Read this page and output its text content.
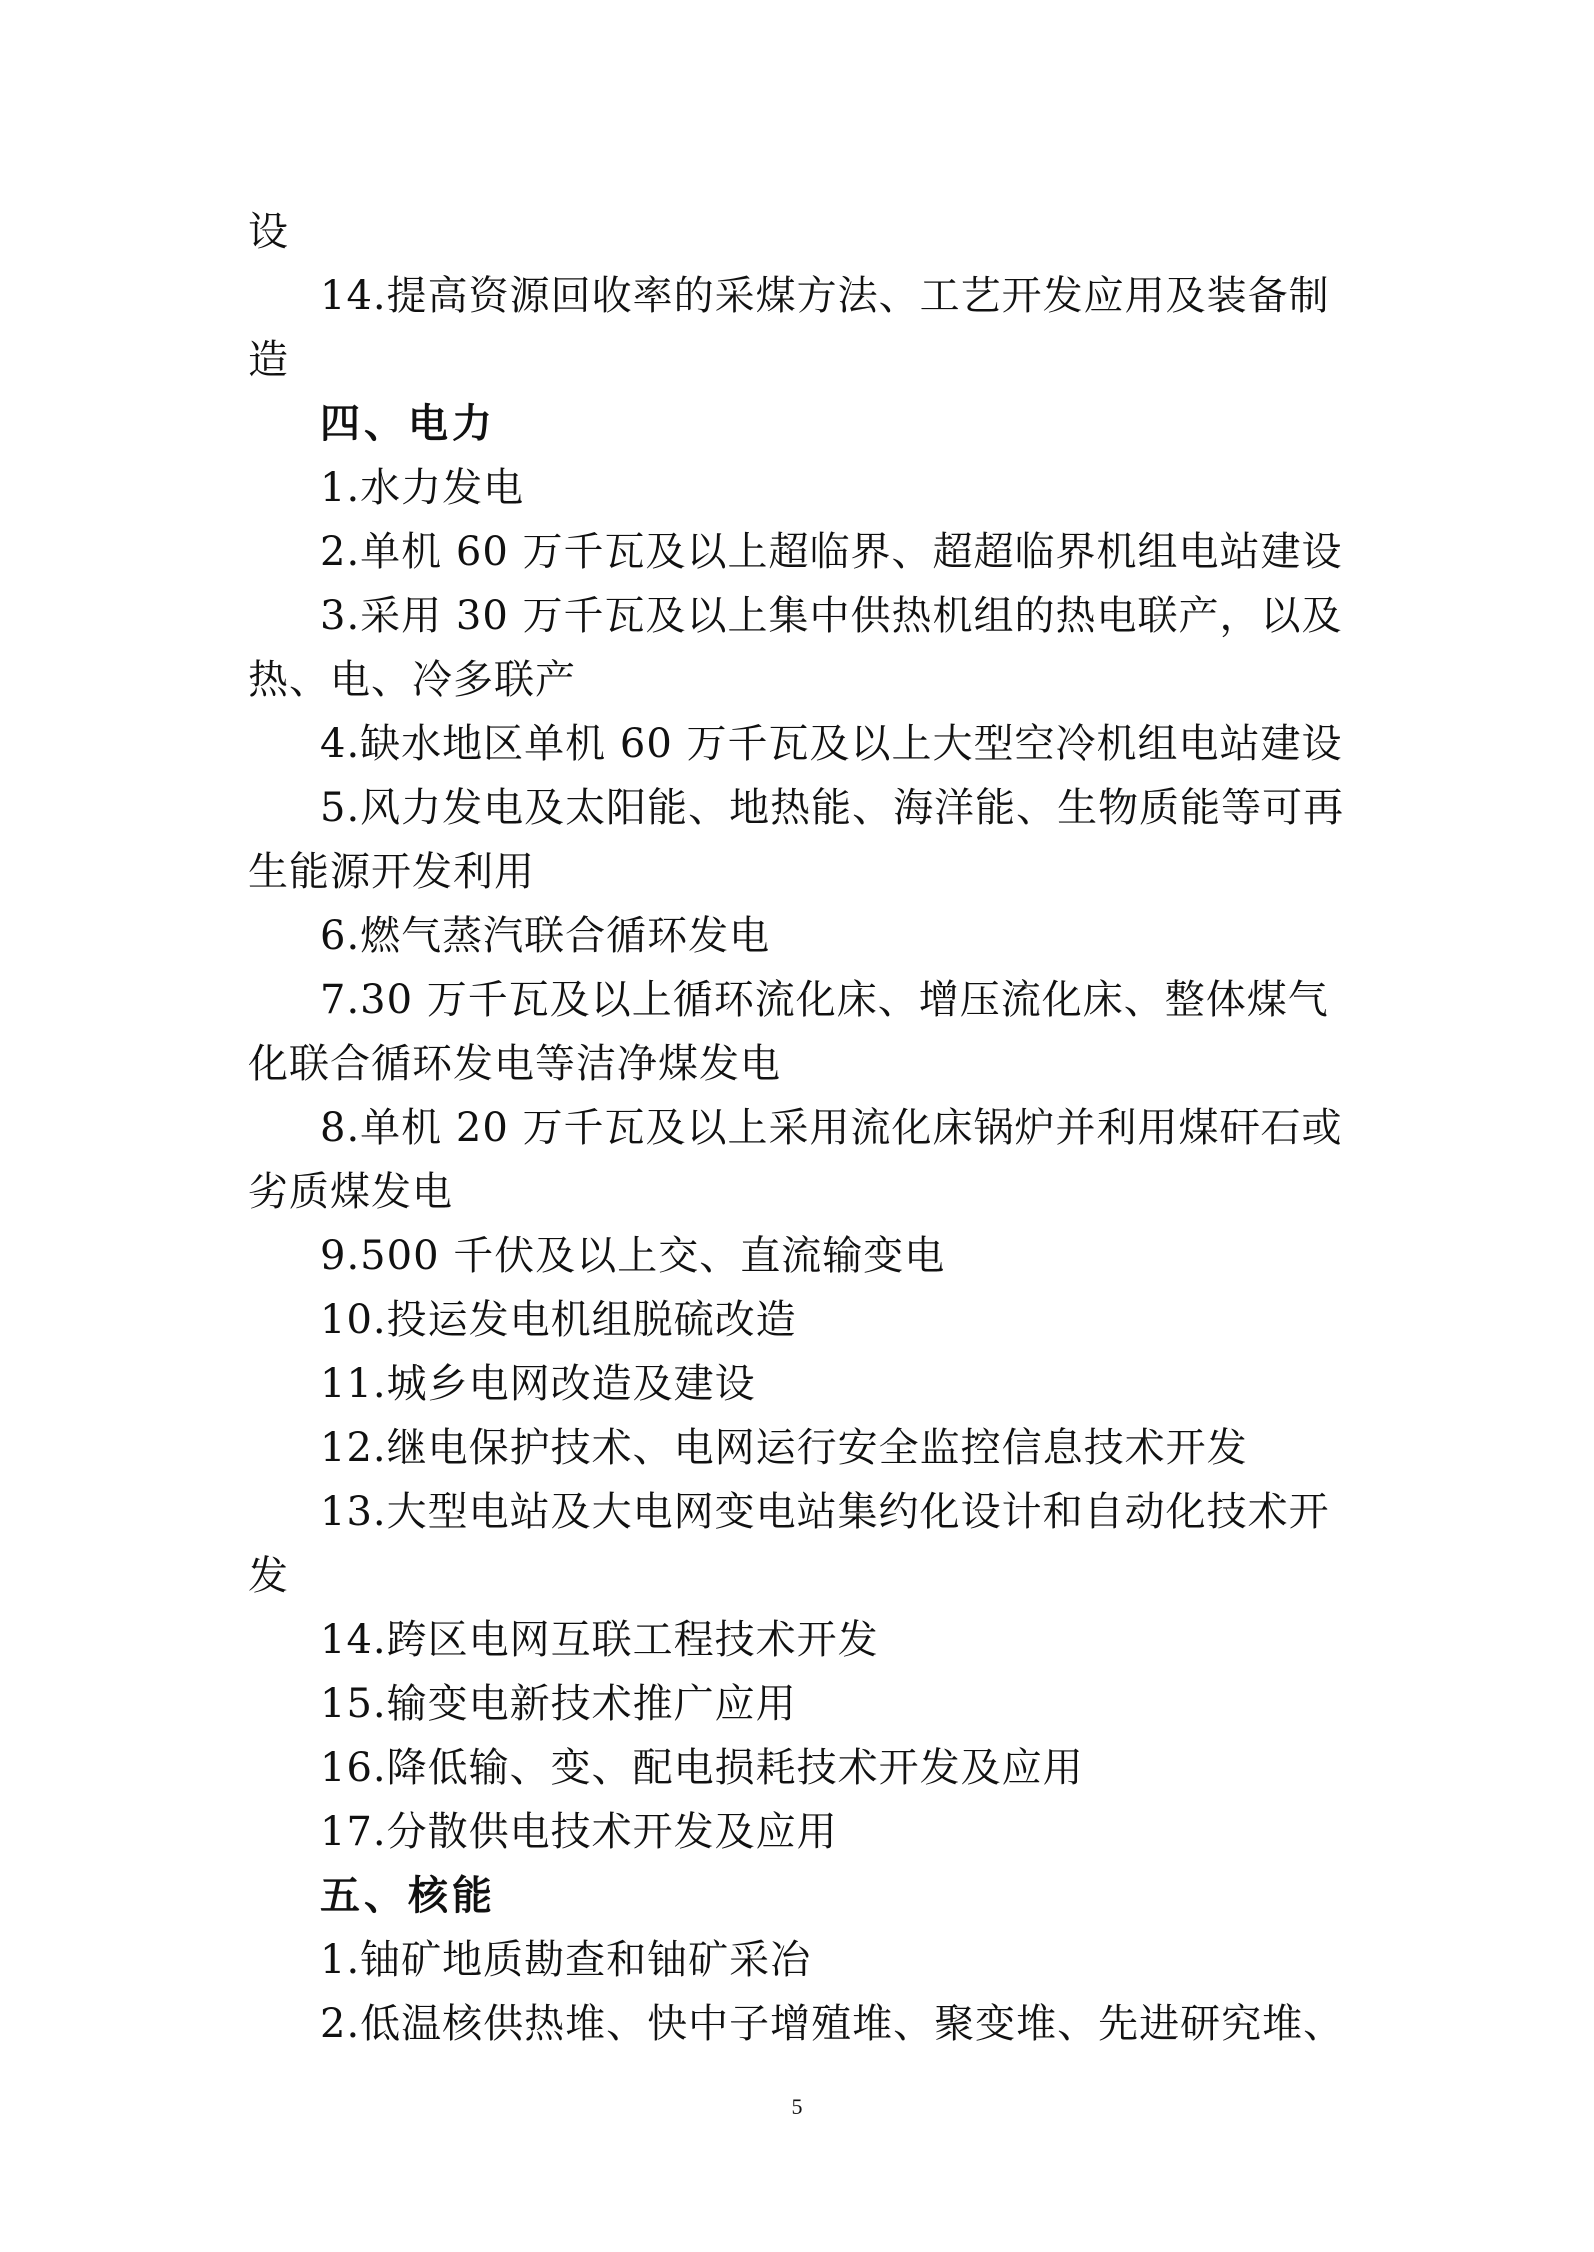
设
14.提高资源回收率的采煤方法、工艺开发应用及装备制
造
四、电力
1.水力发电
2.单机 60 万千瓦及以上超临界、超超临界机组电站建设
3.采用 30 万千瓦及以上集中供热机组的热电联产，以及
热、电、冷多联产
4.缺水地区单机 60 万千瓦及以上大型空冷机组电站建设
5.风力发电及太阳能、地热能、海洋能、生物质能等可再
生能源开发利用
6.燃气蒸汽联合循环发电
7.30 万千瓦及以上循环流化床、增压流化床、整体煤气
化联合循环发电等洁净煤发电
8.单机 20 万千瓦及以上采用流化床锅炉并利用煤矸石或
劣质煤发电
9.500 千伏及以上交、直流输变电
10.投运发电机组脱硫改造
11.城乡电网改造及建设
12.继电保护技术、电网运行安全监控信息技术开发
13.大型电站及大电网变电站集约化设计和自动化技术开
发
14.跨区电网互联工程技术开发
15.输变电新技术推广应用
16.降低输、变、配电损耗技术开发及应用
17.分散供电技术开发及应用
五、核能
1.铀矿地质勘查和铀矿采冶
2.低温核供热堆、快中子增殖堆、聚变堆、先进研究堆、
5
